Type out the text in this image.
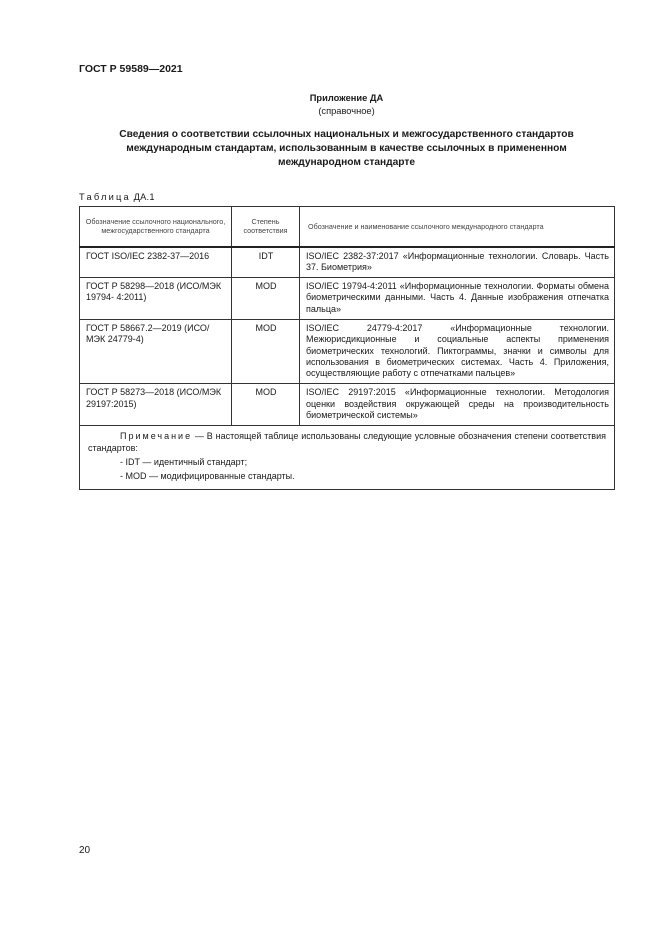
ГОСТ Р 59589—2021
Приложение ДА
(справочное)
Сведения о соответствии ссылочных национальных и межгосударственного стандартов
международным стандартам, использованным в качестве ссылочных в примененном
международном стандарте
Таблица ДА.1
Обозначение ссылочного национального, межгосударственного стандарта	Степень соответствия	Обозначение и наименование ссылочного международного стандарта
ГОСТ ISO/IEC 2382-37—2016	IDT	ISO/IEC 2382-37:2017 «Информационные технологии. Словарь. Часть 37. Биометрия»
ГОСТ Р 58298—2018 (ИСО/МЭК 19794- 4:2011)	MOD	ISO/IEC 19794-4:2011 «Информационные технологии. Форматы обмена биометрическими данными. Часть 4. Данные изображения отпечатка пальца»
ГОСТ Р 58667.2—2019 (ИСО/МЭК 24779-4)	MOD	ISO/IEC 24779-4:2017 «Информационные технологии. Межюрисдикционные и социальные аспекты применения биометрических технологий. Пиктограммы, значки и символы для использования в биометрических системах. Часть 4. Приложения, осуществляющие работу с отпечатками пальцев»
ГОСТ Р 58273—2018 (ИСО/МЭК 29197:2015)	MOD	ISO/IEC 29197:2015 «Информационные технологии. Методология оценки воздействия окружающей среды на производительность биометрической системы»

Примечание — В настоящей таблице использованы следующие условные обозначения степени соответствия стандартов:
- IDT — идентичный стандарт;
- MOD — модифицированные стандарты.		
20
